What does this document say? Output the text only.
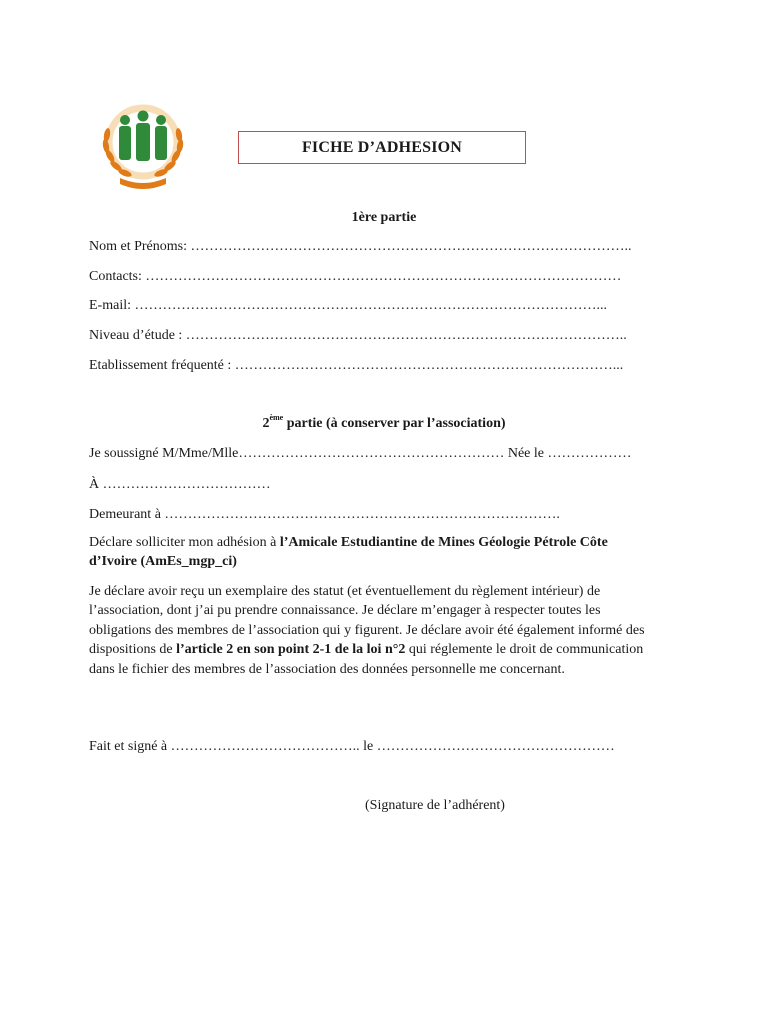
FICHE D’ADHESION
1ère partie
Nom et Prénoms: …………………………………………………………………………………..
Contacts: …………………………………………………………………………………………
E-mail: ………………………………………………………………………………………...
Niveau d’étude : …………………………………………………………………………………..
Etablissement fréquenté : ………………………………………………………………………...
2ème partie (à conserver par l’association)
Je soussigné M/Mme/Mlle………………………………………………… Née le ………………
À ………………………………
Demeurant à ………………………………………………………………………….
Déclare solliciter mon adhésion à l’Amicale Estudiantine de Mines Géologie Pétrole Côte
d’Ivoire (AmEs_mgp_ci)
Je déclare avoir reçu un exemplaire des statut (et éventuellement du règlement intérieur) de l’association, dont j’ai pu prendre connaissance. Je déclare m’engager à respecter toutes les obligations des membres de l’association qui y figurent. Je déclare avoir été également informé des dispositions de l’article 2 en son point 2-1 de la loi n°2 qui réglemente le droit de communication dans le fichier des membres de l’association des données personnelle me concernant.
Fait et signé à ………………………………….. le ……………………………………………
(Signature de l’adhérent)
